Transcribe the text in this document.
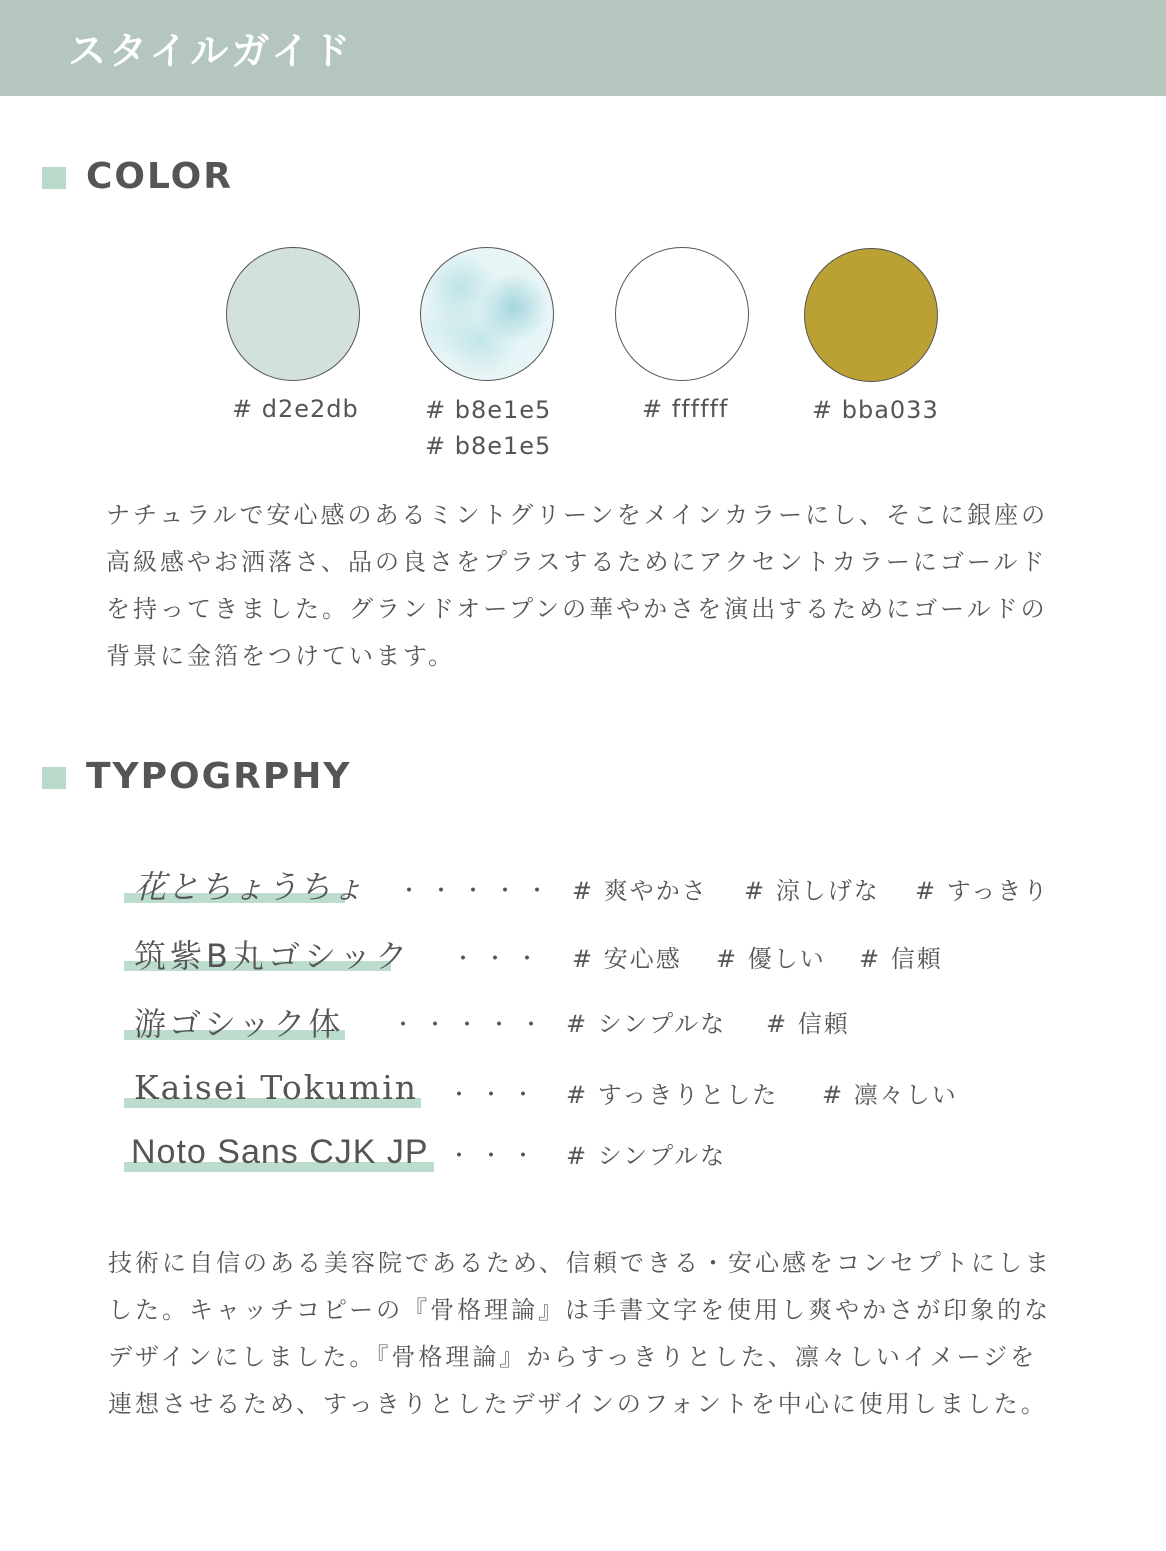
スタイルガイド
COLOR
# d2e2db	# b8e1e5
# b8e1e5
# ffffff	# bba033
ナチュラルで安心感のあるミントグリーンをメインカラーにし、そこに銀座の
高級感やお洒落さ、品の良さをプラスするためにアクセントカラーにゴールド
を持ってきました。グランドオープンの華やかさを演出するためにゴールドの
背景に金箔をつけています。
TYPOGRPHY
花とちょうちょ ・・・・・ # 爽やかさ # 涼しげな # すっきり
筑紫B丸ゴシック ・・・ # 安心感 # 優しい # 信頼
游ゴシック体 ・・・・・ # シンプルな # 信頼
Kaisei Tokumin ・・・ # すっきりとした # 凛々しい
Noto Sans CJK JP ・・・ # シンプルな
技術に自信のある美容院であるため、信頼できる・安心感をコンセプトにしま
した。キャッチコピーの『骨格理論』は手書文字を使用し爽やかさが印象的な
デザインにしました。『骨格理論』からすっきりとした、凛々しいイメージを
連想させるため、すっきりとしたデザインのフォントを中心に使用しました。
